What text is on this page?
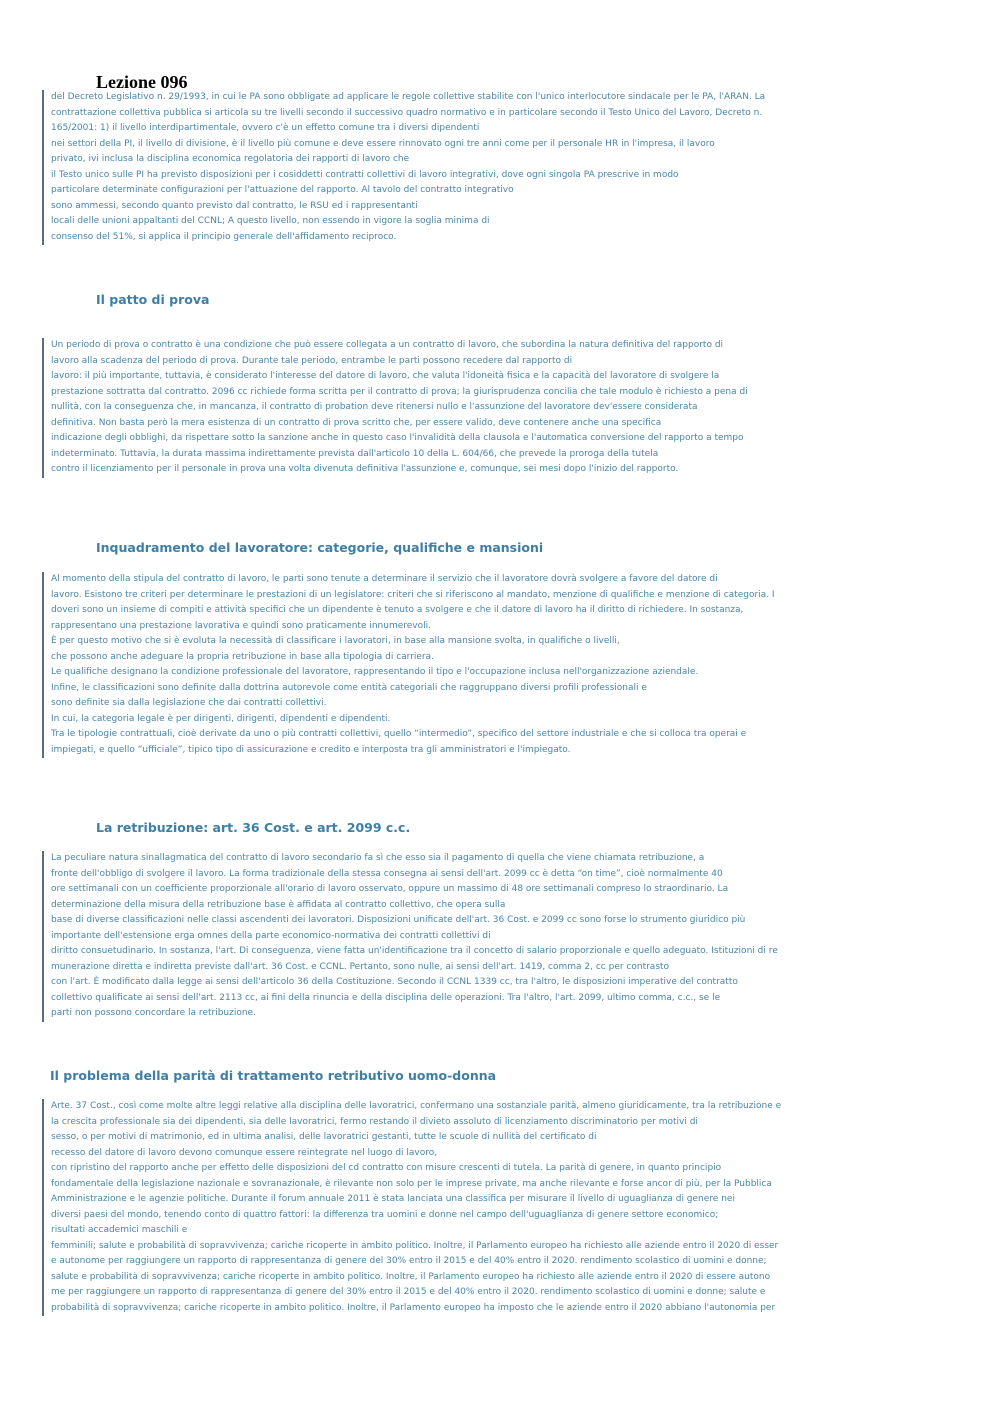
Lezione 096

del Decreto Legislativo n. 29/1993, in cui le PA sono obbligate ad applicare le regole collettive stabilite con l'unico interlocutore sindacale per le PA, l'ARAN. La

contrattazione collettiva pubblica si articola su tre livelli secondo il successivo quadro normativo e in particolare secondo il Testo Unico del Lavoro, Decreto n.

165/2001: 1) il livello interdipartimentale, ovvero c'è un effetto comune tra i diversi dipendenti

nei settori della PI, il livello di divisione, è il livello più comune e deve essere rinnovato ogni tre anni come per il personale HR in l'impresa, il lavoro

privato, ivi inclusa la disciplina economica regolatoria dei rapporti di lavoro che

il Testo unico sulle PI ha previsto disposizioni per i cosiddetti contratti collettivi di lavoro integrativi, dove ogni singola PA prescrive in modo

particolare determinate configurazioni per l'attuazione del rapporto. Al tavolo del contratto integrativo

sono ammessi, secondo quanto previsto dal contratto, le RSU ed i rappresentanti

locali delle unioni appaltanti del CCNL; A questo livello, non essendo in vigore la soglia minima di

consenso del 51%, si applica il principio generale dell'affidamento reciproco.

Il patto di prova

Un periodo di prova o contratto è una condizione che può essere collegata a un contratto di lavoro, che subordina la natura definitiva del rapporto di

lavoro alla scadenza del periodo di prova. Durante tale periodo, entrambe le parti possono recedere dal rapporto di

lavoro: il più importante, tuttavia, è considerato l'interesse del datore di lavoro, che valuta l'idoneità fisica e la capacità del lavoratore di svolgere la

prestazione sottratta dal contratto. 2096 cc richiede forma scritta per il contratto di prova; la giurisprudenza concilia che tale modulo è richiesto a pena di

nullità, con la conseguenza che, in mancanza, il contratto di probation deve ritenersi nullo e l'assunzione del lavoratore dev'essere considerata

definitiva. Non basta però la mera esistenza di un contratto di prova scritto che, per essere valido, deve contenere anche una specifica

indicazione degli obblighi, da rispettare sotto la sanzione anche in questo caso l'invalidità della clausola e l'automatica conversione del rapporto a tempo

indeterminato. Tuttavia, la durata massima indirettamente prevista dall'articolo 10 della L. 604/66, che prevede la proroga della tutela

contro il licenziamento per il personale in prova una volta divenuta definitiva l'assunzione e, comunque, sei mesi dopo l'inizio del rapporto.

Inquadramento del lavoratore: categorie, qualifiche e mansioni

Al momento della stipula del contratto di lavoro, le parti sono tenute a determinare il servizio che il lavoratore dovrà svolgere a favore del datore di

lavoro. Esistono tre criteri per determinare le prestazioni di un legislatore: criteri che si riferiscono al mandato, menzione di qualifiche e menzione di categoria. I

doveri sono un insieme di compiti e attività specifici che un dipendente è tenuto a svolgere e che il datore di lavoro ha il diritto di richiedere. In sostanza,

rappresentano una prestazione lavorativa e quindi sono praticamente innumerevoli.

È per questo motivo che si è evoluta la necessità di classificare i lavoratori, in base alla mansione svolta, in qualifiche o livelli,

che possono anche adeguare la propria retribuzione in base alla tipologia di carriera.

Le qualifiche designano la condizione professionale del lavoratore, rappresentando il tipo e l'occupazione inclusa nell'organizzazione aziendale.

Infine, le classificazioni sono definite dalla dottrina autorevole come entità categoriali che raggruppano diversi profili professionali e

sono definite sia dalla legislazione che dai contratti collettivi.

In cui, la categoria legale è per dirigenti, dirigenti, dipendenti e dipendenti.

Tra le tipologie contrattuali, cioè derivate da uno o più contratti collettivi, quello “intermedio”, specifico del settore industriale e che si colloca tra operai e

impiegati, e quello “ufficiale”, tipico tipo di assicurazione e credito e interposta tra gli amministratori e l'impiegato.

La retribuzione: art. 36 Cost. e art. 2099 c.c.

La peculiare natura sinallagmatica del contratto di lavoro secondario fa sì che esso sia il pagamento di quella che viene chiamata retribuzione, a

fronte dell'obbligo di svolgere il lavoro. La forma tradizionale della stessa consegna ai sensi dell'art. 2099 cc è detta “on time”, cioè normalmente 40

ore settimanali con un coefficiente proporzionale all'orario di lavoro osservato, oppure un massimo di 48 ore settimanali compreso lo straordinario. La

determinazione della misura della retribuzione base è affidata al contratto collettivo, che opera sulla

base di diverse classificazioni nelle classi ascendenti dei lavoratori. Disposizioni unificate dell'art. 36 Cost. e 2099 cc sono forse lo strumento giuridico più

importante dell'estensione erga omnes della parte economico-normativa dei contratti collettivi di

diritto consuetudinario. In sostanza, l'art. Di conseguenza, viene fatta un'identificazione tra il concetto di salario proporzionale e quello adeguato. Istituzioni di re

munerazione diretta e indiretta previste dall'art. 36 Cost. e CCNL. Pertanto, sono nulle, ai sensi dell'art. 1419, comma 2, cc per contrasto

con l'art. È modificato dalla legge ai sensi dell'articolo 36 della Costituzione. Secondo il CCNL 1339 cc, tra l'altro, le disposizioni imperative del contratto

collettivo qualificate ai sensi dell'art. 2113 cc, ai fini della rinuncia e della disciplina delle operazioni. Tra l'altro, l'art. 2099, ultimo comma, c.c., se le

parti non possono concordare la retribuzione.

Il problema della parità di trattamento retributivo uomo-donna

Arte. 37 Cost., così come molte altre leggi relative alla disciplina delle lavoratrici, confermano una sostanziale parità, almeno giuridicamente, tra la retribuzione e

la crescita professionale sia dei dipendenti, sia delle lavoratrici, fermo restando il divieto assoluto di licenziamento discriminatorio per motivi di

sesso, o per motivi di matrimonio, ed in ultima analisi, delle lavoratrici gestanti, tutte le scuole di nullità del certificato di

recesso del datore di lavoro devono comunque essere reintegrate nel luogo di lavoro,

con ripristino del rapporto anche per effetto delle disposizioni del cd contratto con misure crescenti di tutela. La parità di genere, in quanto principio

fondamentale della legislazione nazionale e sovranazionale, è rilevante non solo per le imprese private, ma anche rilevante e forse ancor di più, per la Pubblica

Amministrazione e le agenzie politiche. Durante il forum annuale 2011 è stata lanciata una classifica per misurare il livello di uguaglianza di genere nei

diversi paesi del mondo, tenendo conto di quattro fattori: la differenza tra uomini e donne nel campo dell'uguaglianza di genere settore economico;

risultati accademici maschili e

femminili; salute e probabilità di sopravvivenza; cariche ricoperte in ambito politico. Inoltre, il Parlamento europeo ha richiesto alle aziende entro il 2020 di esser

e autonome per raggiungere un rapporto di rappresentanza di genere del 30% entro il 2015 e del 40% entro il 2020. rendimento scolastico di uomini e donne;

salute e probabilità di sopravvivenza; cariche ricoperte in ambito politico. Inoltre, il Parlamento europeo ha richiesto alle aziende entro il 2020 di essere autono

me per raggiungere un rapporto di rappresentanza di genere del 30% entro il 2015 e del 40% entro il 2020. rendimento scolastico di uomini e donne; salute e

probabilità di sopravvivenza; cariche ricoperte in ambito politico. Inoltre, il Parlamento europeo ha imposto che le aziende entro il 2020 abbiano l'autonomia per
